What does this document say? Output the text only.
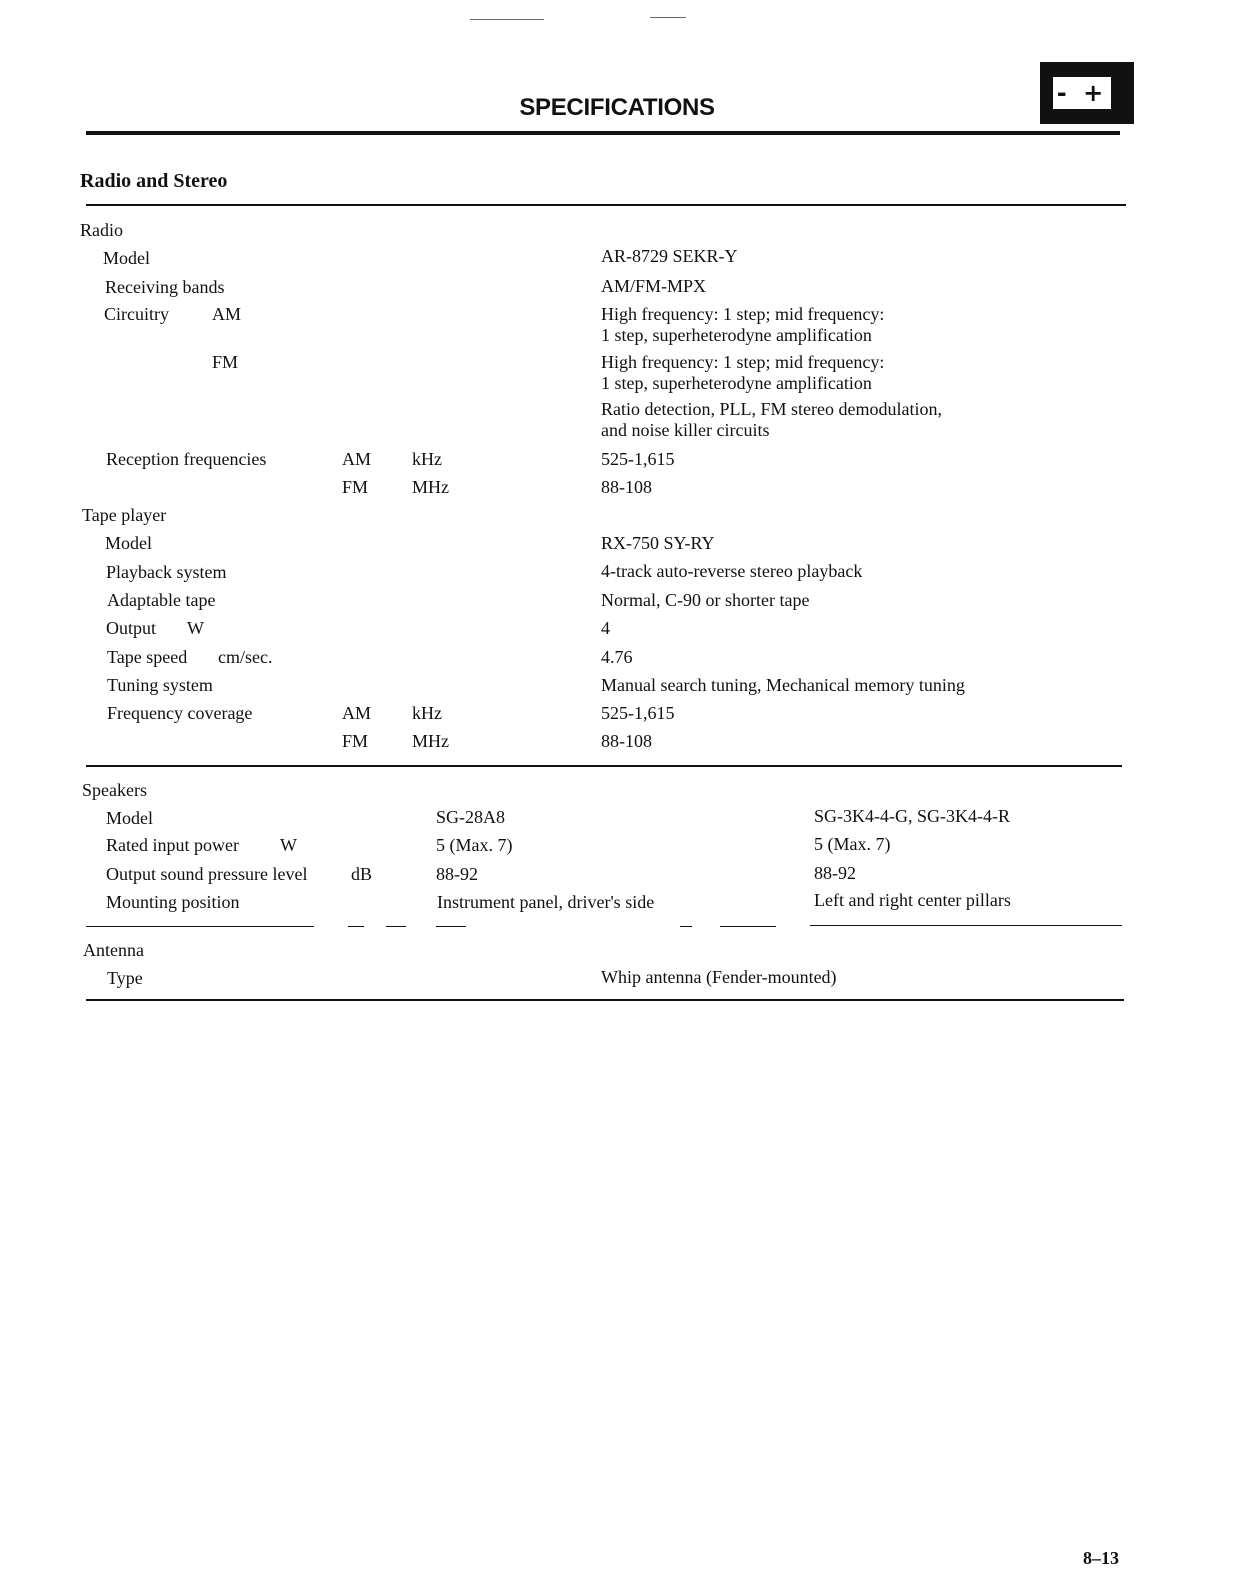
SPECIFICATIONS
- +
Radio and Stereo
Radio
Model	AR-8729 SEKR-Y
Receiving bands	AM/FM-MPX
Circuitry AM	High frequency: 1 step; mid frequency:
1 step, superheterodyne amplification
FM	High frequency: 1 step; mid frequency:
1 step, superheterodyne amplification
Ratio detection, PLL, FM stereo demodulation,
and noise killer circuits
Reception frequencies	AM kHz	525-1,615
FM MHz	88-108
Tape player
Model	RX-750 SY-RY
Playback system	4-track auto-reverse stereo playback
Adaptable tape	Normal, C-90 or shorter tape
Output W	4
Tape speed cm/sec.	4.76
Tuning system	Manual search tuning, Mechanical memory tuning
Frequency coverage	AM kHz	525-1,615
FM MHz	88-108
Speakers
Model	SG-28A8	SG-3K4-4-G, SG-3K4-4-R
Rated input power W	5 (Max. 7)	5 (Max. 7)
Output sound pressure level dB	88-92	88-92
Mounting position	Instrument panel, driver's side	Left and right center pillars
Antenna
Type	Whip antenna (Fender-mounted)
8–13
